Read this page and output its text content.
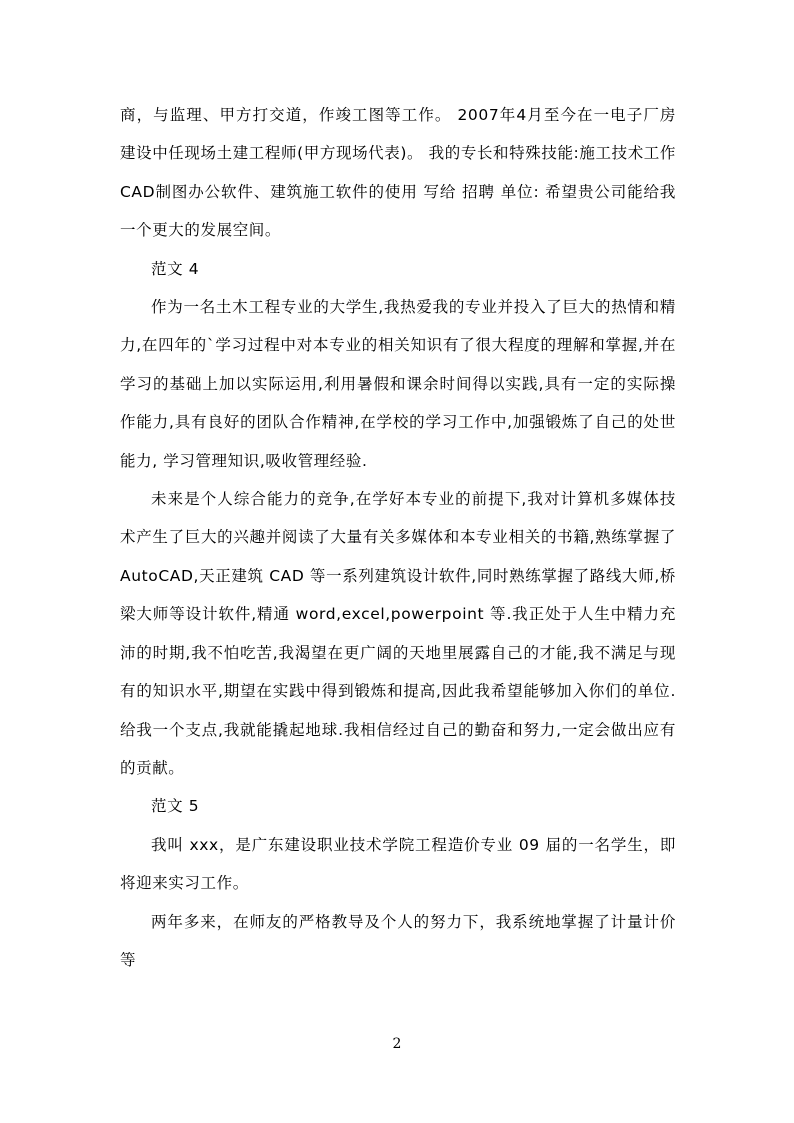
商，与监理、甲方打交道，作竣工图等工作。 2007年4月至今在一电子厂房建设中任现场土建工程师(甲方现场代表)。 我的专长和特殊技能:施工技术工作CAD制图办公软件、建筑施工软件的使用 写给 招聘 单位: 希望贵公司能给我一个更大的发展空间。

范文 4

作为一名土木工程专业的大学生,我热爱我的专业并投入了巨大的热情和精力,在四年的`学习过程中对本专业的相关知识有了很大程度的理解和掌握,并在学习的基础上加以实际运用,利用暑假和课余时间得以实践,具有一定的实际操作能力,具有良好的团队合作精神,在学校的学习工作中,加强锻炼了自己的处世能力, 学习管理知识,吸收管理经验.

未来是个人综合能力的竞争,在学好本专业的前提下,我对计算机多媒体技术产生了巨大的兴趣并阅读了大量有关多媒体和本专业相关的书籍,熟练掌握了AutoCAD,天正建筑 CAD 等一系列建筑设计软件,同时熟练掌握了路线大师,桥梁大师等设计软件,精通 word,excel,powerpoint 等.我正处于人生中精力充沛的时期,我不怕吃苦,我渴望在更广阔的天地里展露自己的才能,我不满足与现有的知识水平,期望在实践中得到锻炼和提高,因此我希望能够加入你们的单位.给我一个支点,我就能撬起地球.我相信经过自己的勤奋和努力,一定会做出应有的贡献。

范文 5

我叫 xxx，是广东建设职业技术学院工程造价专业 09 届的一名学生，即将迎来实习工作。

两年多来，在师友的严格教导及个人的努力下，我系统地掌握了计量计价等

2
